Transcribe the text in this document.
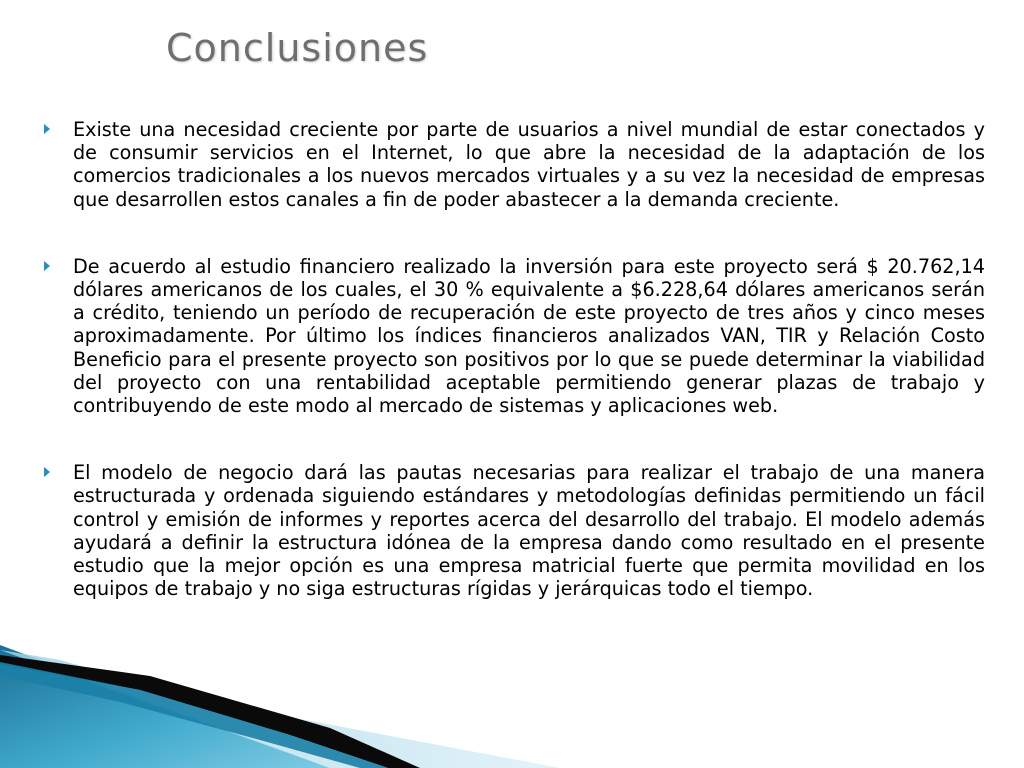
Conclusiones
Existe una necesidad creciente por parte de usuarios a nivel mundial de estar conectados y de consumir servicios en el Internet, lo que abre la necesidad de la adaptación de los comercios tradicionales a los nuevos mercados virtuales y a su vez la necesidad de empresas que desarrollen estos canales a fin de poder abastecer a la demanda creciente.
De acuerdo al estudio financiero realizado la inversión para este proyecto será $ 20.762,14 dólares americanos de los cuales, el 30 % equivalente a $6.228,64 dólares americanos serán a crédito, teniendo un período de recuperación de este proyecto de tres años y cinco meses aproximadamente. Por último los índices financieros analizados VAN, TIR y Relación Costo Beneficio para el presente proyecto son positivos por lo que se puede determinar la viabilidad del proyecto con una rentabilidad aceptable permitiendo generar plazas de trabajo y contribuyendo de este modo al mercado de sistemas y aplicaciones web.
El modelo de negocio dará las pautas necesarias para realizar el trabajo de una manera estructurada y ordenada siguiendo estándares y metodologías definidas permitiendo un fácil control y emisión de informes y reportes acerca del desarrollo del trabajo. El modelo además ayudará a definir la estructura idónea de la empresa dando como resultado en el presente estudio que la mejor opción es una empresa matricial fuerte que permita movilidad en los equipos de trabajo y no siga estructuras rígidas y jerárquicas todo el tiempo.
